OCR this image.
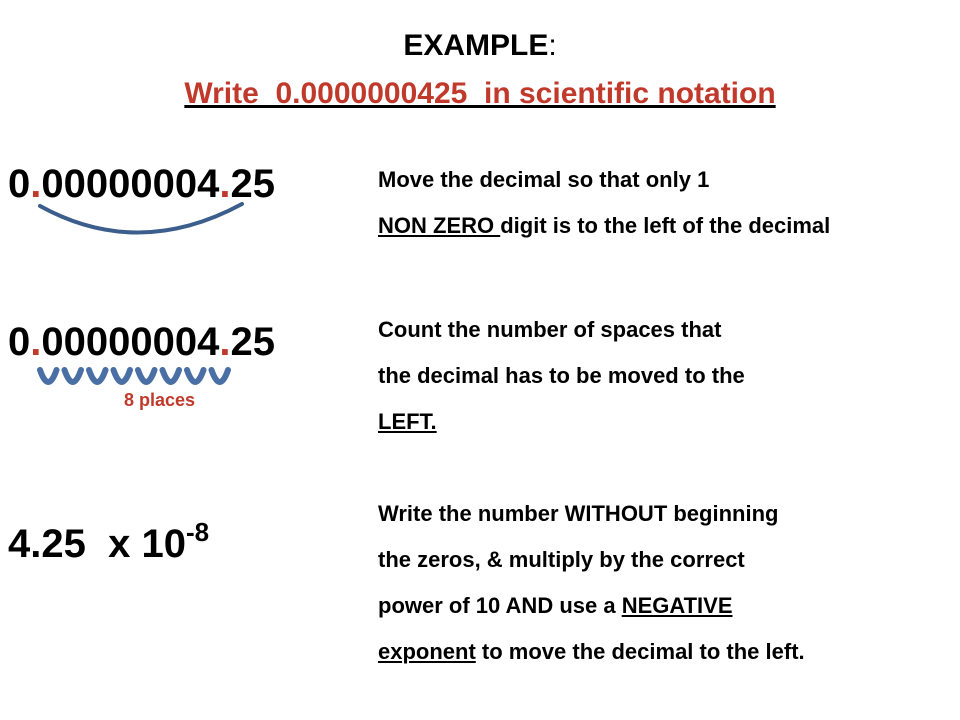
EXAMPLE:
Write  0.0000000425  in scientific notation
0.00000004.25	Move the decimal so that only 1
NON ZERO digit is to the left of the decimal
0.00000004.25
8 places
Count the number of spaces that
the decimal has to be moved to the
LEFT.
4.25 x $10^{-8}$
Write the number WITHOUT beginning
the zeros, & multiply by the correct
power of 10 AND use a NEGATIVE
exponent to move the decimal to the left.
